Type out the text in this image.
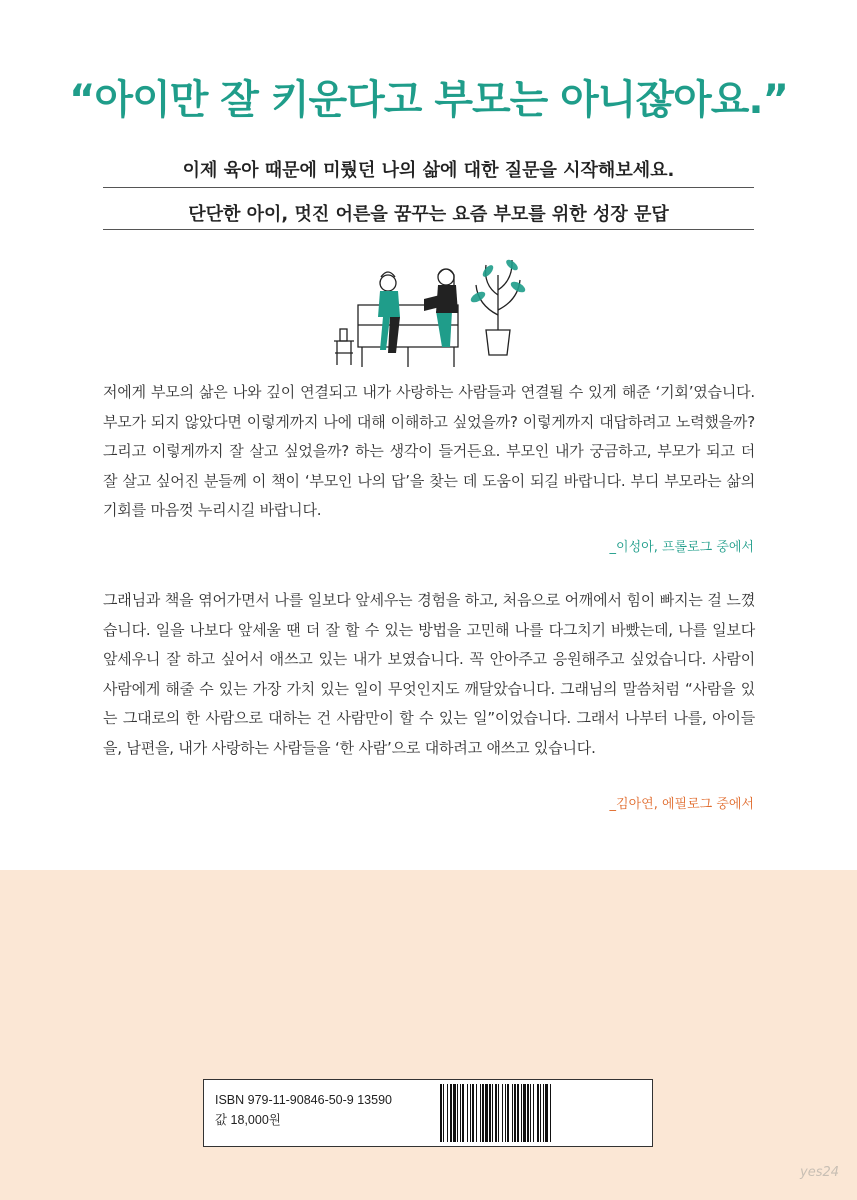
“아이만 잘 키운다고 부모는 아니잖아요.”
이제 육아 때문에 미뤘던 나의 삶에 대한 질문을 시작해보세요.
단단한 아이, 멋진 어른을 꿈꾸는 요즘 부모를 위한 성장 문답

저에게 부모의 삶은 나와 깊이 연결되고 내가 사랑하는 사람들과 연결될 수 있게 해준 ‘기회’였습니다. 부모가 되지 않았다면 이렇게까지 나에 대해 이해하고 싶었을까? 이렇게까지 대답하려고 노력했을까? 그리고 이렇게까지 잘 살고 싶었을까? 하는 생각이 들거든요. 부모인 내가 궁금하고, 부모가 되고 더 잘 살고 싶어진 분들께 이 책이 ‘부모인 나의 답’을 찾는 데 도움이 되길 바랍니다. 부디 부모라는 삶의 기회를 마음껏 누리시길 바랍니다.

_이성아, 프롤로그 중에서

그래님과 책을 엮어가면서 나를 일보다 앞세우는 경험을 하고, 처음으로 어깨에서 힘이 빠지는 걸 느꼈습니다. 일을 나보다 앞세울 땐 더 잘 할 수 있는 방법을 고민해 나를 다그치기 바빴는데, 나를 일보다 앞세우니 잘 하고 싶어서 애쓰고 있는 내가 보였습니다. 꼭 안아주고 응원해주고 싶었습니다. 사람이 사람에게 해줄 수 있는 가장 가치 있는 일이 무엇인지도 깨달았습니다. 그래님의 말씀처럼 “사람을 있는 그대로의 한 사람으로 대하는 건 사람만이 할 수 있는 일”이었습니다. 그래서 나부터 나를, 아이들을, 남편을, 내가 사랑하는 사람들을 ‘한 사람’으로 대하려고 애쓰고 있습니다.

_김아연, 에필로그 중에서
ISBN 979-11-90846-50-9 13590
값 18,000원
yes24
